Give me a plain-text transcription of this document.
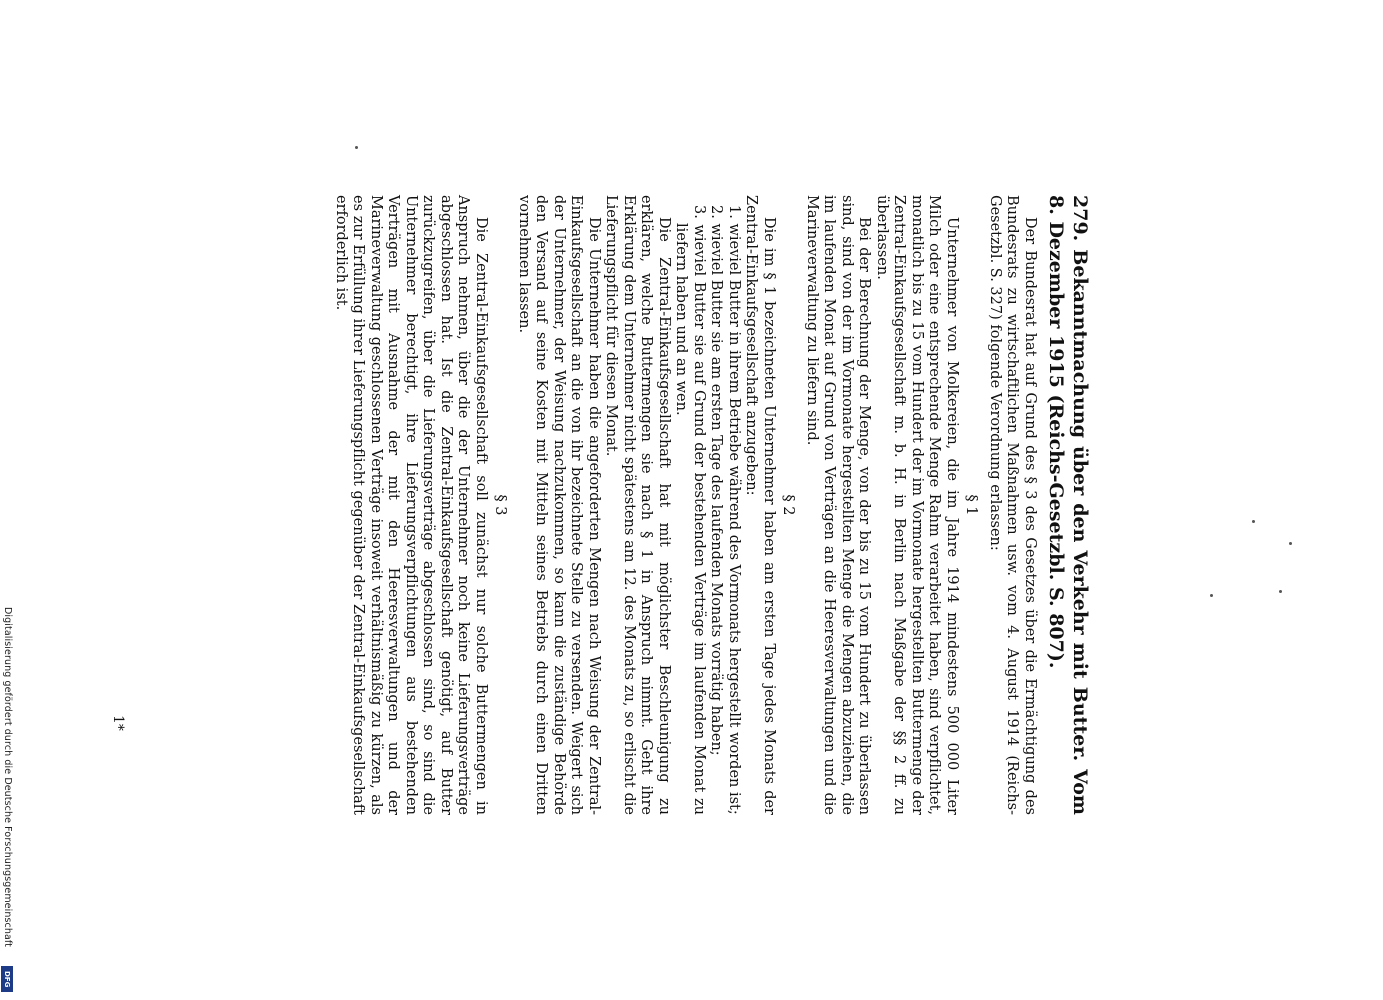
279. Bekanntmachung über den Verkehr mit Butter. Vom 8. Dezember 1915 (Reichs-Gesetzbl. S. 807).

Der Bundesrat hat auf Grund des § 3 des Gesetzes über die Ermächtigung des Bundesrats zu wirtschaftlichen Maßnahmen usw. vom 4. August 1914 (Reichs-Gesetzbl. S. 327) folgende Verordnung erlassen:

§ 1

Unternehmer von Molkereien, die im Jahre 1914 mindestens 500 000 Liter Milch oder eine entsprechende Menge Rahm verarbeitet haben, sind verpflichtet, monatlich bis zu 15 vom Hundert der im Vormonate hergestellten Buttermenge der Zentral-Einkaufsgesellschaft m. b. H. in Berlin nach Maßgabe der §§ 2 ff. zu überlassen.

Bei der Berechnung der Menge, von der bis zu 15 vom Hundert zu überlassen sind, sind von der im Vormonate hergestellten Menge die Mengen abzuziehen, die im laufenden Monat auf Grund von Verträgen an die Heeresverwaltungen und die Marineverwaltung zu liefern sind.

§ 2

Die im § 1 bezeichneten Unternehmer haben am ersten Tage jedes Monats der Zentral-Einkaufsgesellschaft anzugeben:

1. wieviel Butter in ihrem Betriebe während des Vormonats hergestellt worden ist;

2. wieviel Butter sie am ersten Tage des laufenden Monats vorrätig haben;

3. wieviel Butter sie auf Grund der bestehenden Verträge im laufenden Monat zu liefern haben und an wen.

Die Zentral-Einkaufsgesellschaft hat mit möglichster Beschleunigung zu erklären, welche Buttermengen sie nach § 1 in Anspruch nimmt. Geht ihre Erklärung dem Unternehmer nicht spätestens am 12. des Monats zu, so erlischt die Lieferungspflicht für diesen Monat.

Die Unternehmer haben die angeforderten Mengen nach Weisung der Zentral-Einkaufsgesellschaft an die von ihr bezeichnete Stelle zu versenden. Weigert sich der Unternehmer, der Weisung nachzukommen, so kann die zuständige Behörde den Versand auf seine Kosten mit Mitteln seines Betriebs durch einen Dritten vornehmen lassen.

§ 3

Die Zentral-Einkaufsgesellschaft soll zunächst nur solche Buttermengen in Anspruch nehmen, über die der Unternehmer noch keine Lieferungsverträge abgeschlossen hat. Ist die Zentral-Einkaufsgesellschaft genötigt, auf Butter zurückzugreifen, über die Lieferungsverträge abgeschlossen sind, so sind die Unternehmer berechtigt, ihre Lieferungsverpflichtungen aus bestehenden Verträgen mit Ausnahme der mit den Heeresverwaltungen und der Marineverwaltung geschlossenen Verträge insoweit verhältnismäßig zu kürzen, als es zur Erfüllung ihrer Lieferungspflicht gegenüber der Zentral-Einkaufsgesellschaft erforderlich ist.

1*
Digitalisierung gefördert durch die Deutsche Forschungsgemeinschaft
DFG
